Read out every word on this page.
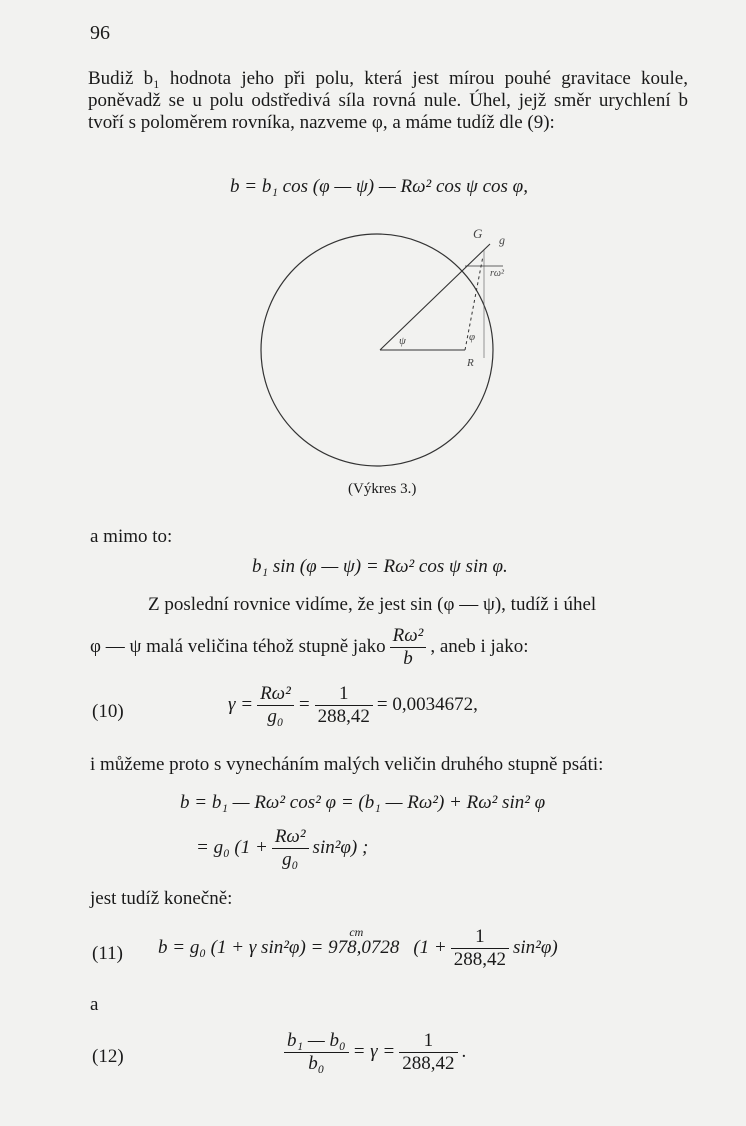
96
Budiž b₁ hodnota jeho při polu, která jest mírou pouhé gravitace koule, poněvadž se u polu odstředivá síla rovná nule. Úhel, jejž směr urychlení b tvoří s poloměrem rovníka, nazveme φ, a máme tudíž dle (9):
b = b₁ cos (φ — ψ) — Rω² cos ψ cos φ,
G g
rω²
ψ	φ
R
(Výkres 3.)
a mimo to:
b₁ sin (φ — ψ) = Rω² cos ψ sin φ.
Z poslední rovnice vidíme, že jest sin (φ — ψ), tudíž i úhel
φ — ψ malá veličina téhož stupně jako $\frac{\text{Rω²}}{b}$ , aneb i jako:
(10)	$\gamma = \frac{\text{Rω²}}{\text{g₀}} = \frac{1}{288,42} = 0,0034672$,
i můžeme proto s vynecháním malých veličin druhého stupně psáti:
b = b₁ — Rω² cos² φ = (b₁ — Rω²) + Rω² sin² φ
= g₀ $(1 + \frac{\text{Rω²}}{\text{g₀}} \sin^2\varphi)$ ;
jest tudíž konečně:
(11) b = g₀ (1 + γ $\sin^2\varphi) = 978,0728^{cm}(1 + \frac{1}{288,42} \sin^2\varphi)$
a
(12)	$\frac{\text{b₁ — b₀}}{\text{b₀}} = \gamma = \frac{1}{288,42}$ .
